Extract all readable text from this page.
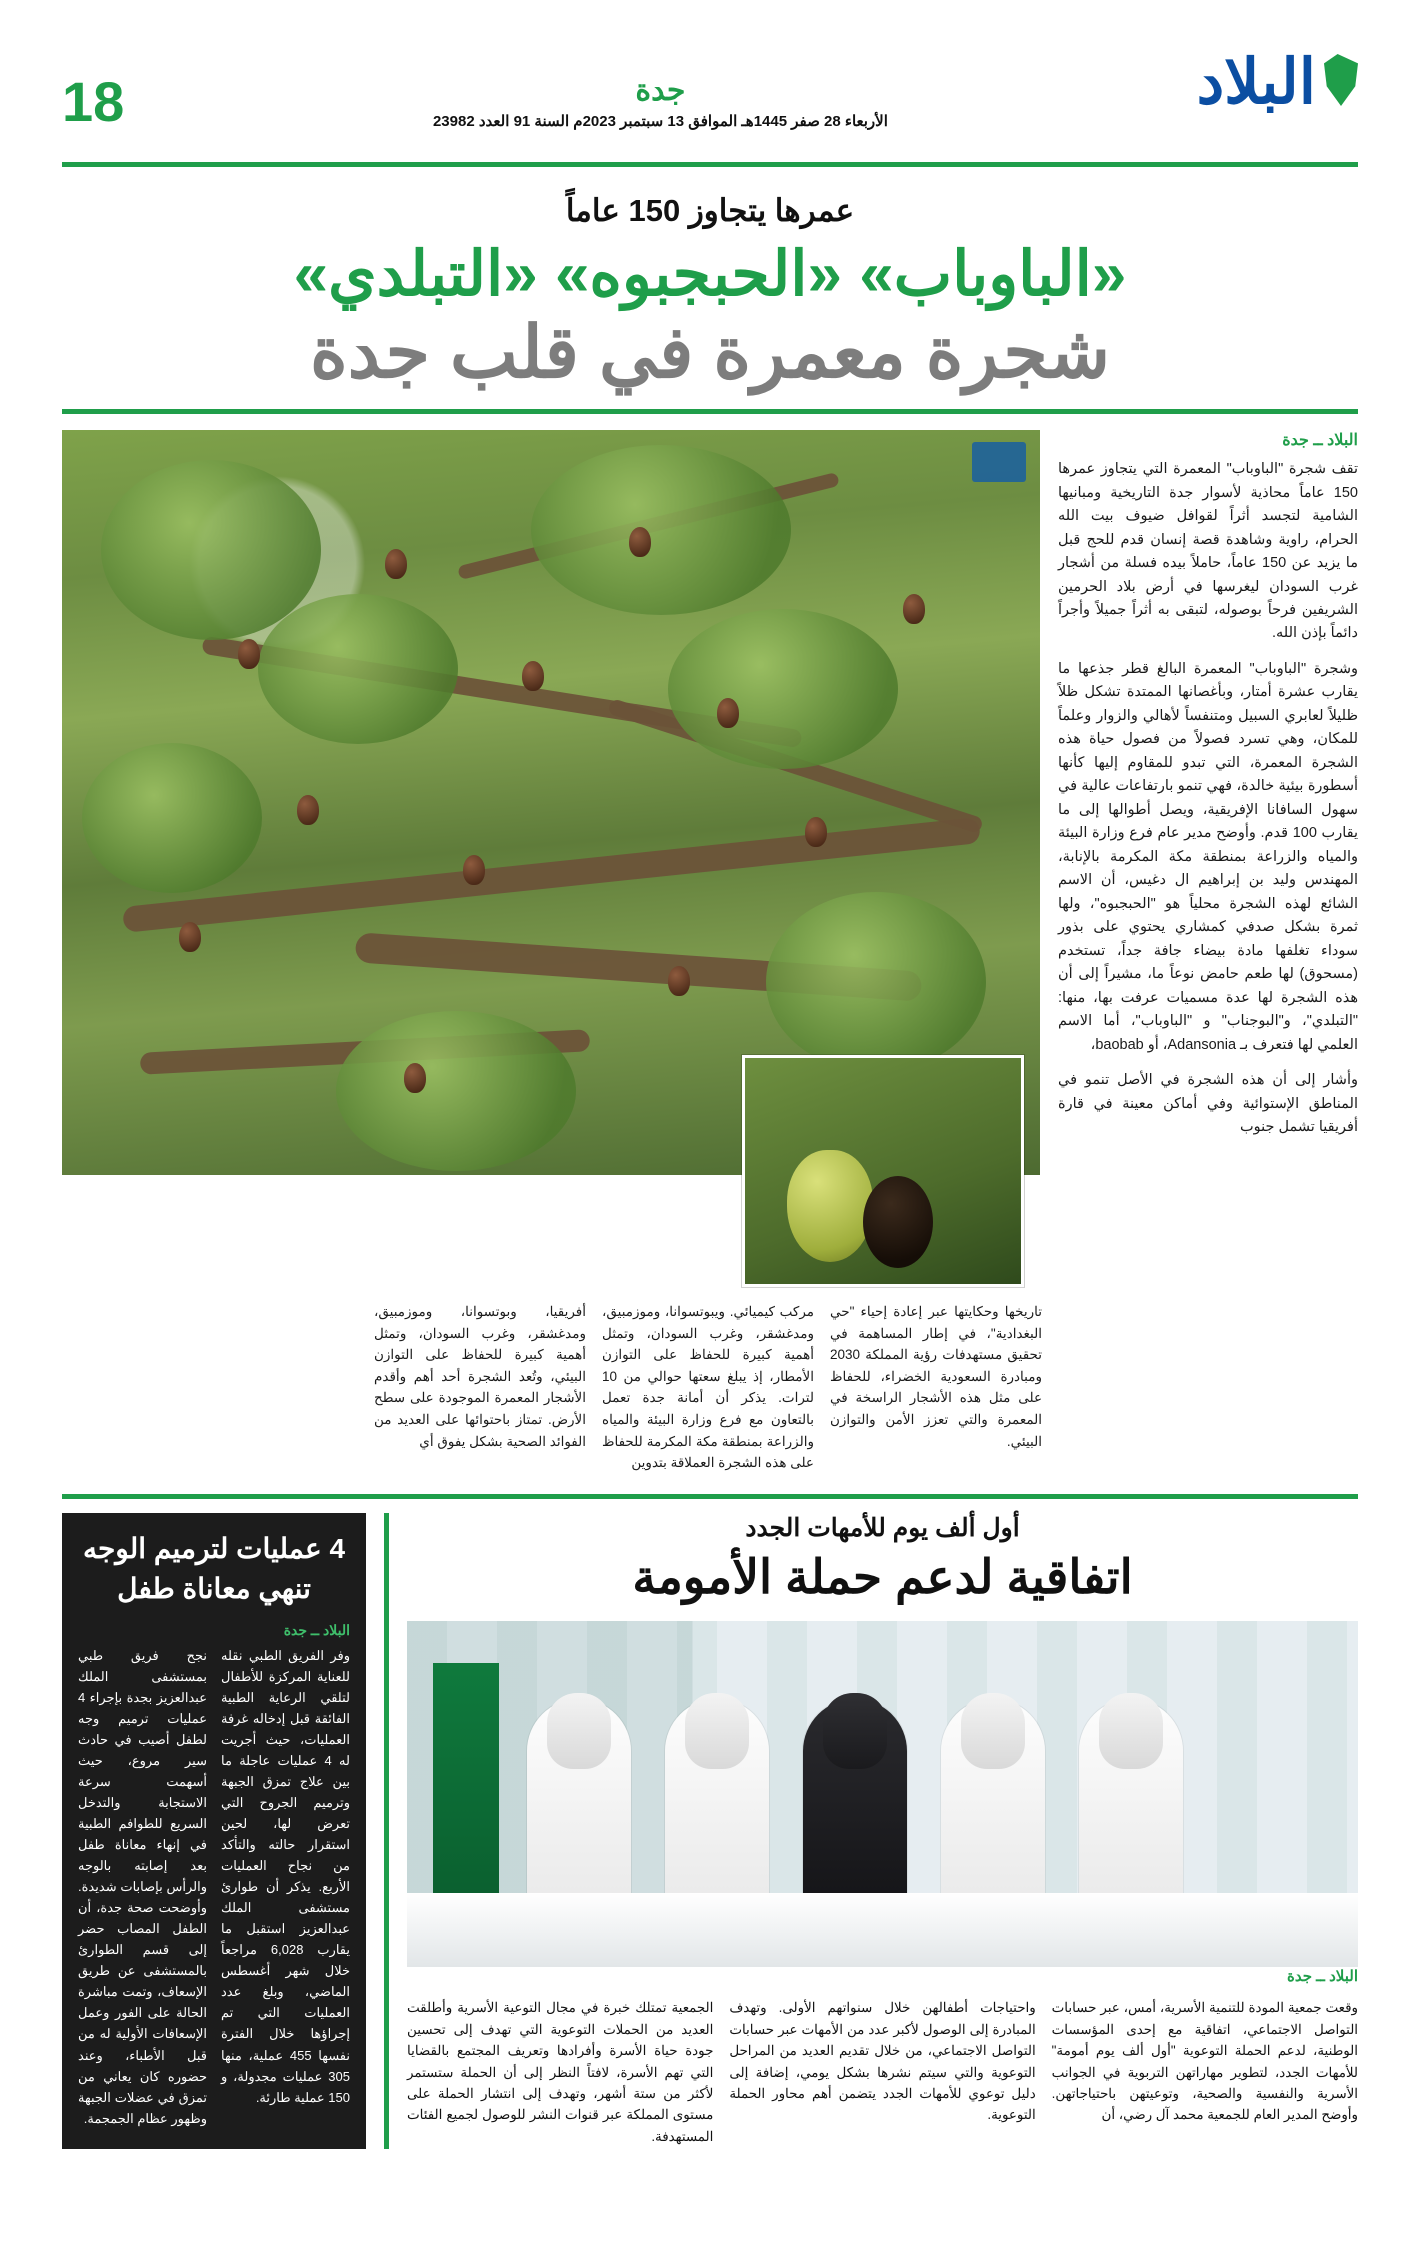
البلاد
جدة
الأربعاء 28 صفر 1445هـ الموافق 13 سبتمبر 2023م السنة 91 العدد 23982
18
عمرها يتجاوز 150 عاماً
«الباوباب» «الحبجبوه» «التبلدي»
شجرة معمرة في قلب جدة
البلاد ــ جدة

تقف شجرة "الباوباب" المعمرة التي يتجاوز عمرها 150 عاماً محاذية لأسوار جدة التاريخية ومبانيها الشامية لتجسد أثراً لقوافل ضيوف بيت الله الحرام، راوية وشاهدة قصة إنسان قدم للحج قبل ما يزيد عن 150 عاماً، حاملاً بيده فسلة من أشجار غرب السودان ليغرسها في أرض بلاد الحرمين الشريفين فرحاً بوصوله، لتبقى به أثراً جميلاً وأجراً دائماً بإذن الله.

وشجرة "الباوباب" المعمرة البالغ قطر جذعها ما يقارب عشرة أمتار، وبأغصانها الممتدة تشكل ظلاً ظليلاً لعابري السبيل ومتنفساً لأهالي والزوار وعلماً للمكان، وهي تسرد فصولاً من فصول حياة هذه الشجرة المعمرة، التي تبدو للمقاوم إليها كأنها أسطورة بيئية خالدة، فهي تنمو بارتفاعات عالية في سهول السافانا الإفريقية، ويصل أطوالها إلى ما يقارب 100 قدم. وأوضح مدير عام فرع وزارة البيئة والمياه والزراعة بمنطقة مكة المكرمة بالإنابة، المهندس وليد بن إبراهيم ال دغيس، أن الاسم الشائع لهذه الشجرة محلياً هو "الحبجبوه"، ولها ثمرة بشكل صدفي كمشاري يحتوي على بذور سوداء تغلفها مادة بيضاء جافة جداً، تستخدم (مسحوق) لها طعم حامض نوعاً ما، مشيراً إلى أن هذه الشجرة لها عدة مسميات عرفت بها، منها: "التبلدي"، و"البوجناب" و "الباوباب"، أما الاسم العلمي لها فتعرف بـ Adansonia، أو baobab،

وأشار إلى أن هذه الشجرة في الأصل تنمو في المناطق الإستوائية وفي أماكن معينة في قارة أفريقيا تشمل جنوب

تاريخها وحكايتها عبر إعادة إحياء "حي البغدادية"، في إطار المساهمة في تحقيق مستهدفات رؤية المملكة 2030 ومبادرة السعودية الخضراء، للحفاظ على مثل هذه الأشجار الراسخة في المعمرة والتي تعزز الأمن والتوازن البيئي.
مركب كيميائي. ويبوتسوانا، وموزمبيق، ومدغشقر، وغرب السودان، وتمثل أهمية كبيرة للحفاظ على التوازن الأمطار، إذ يبلغ سعتها حوالي من 10 لترات. يذكر أن أمانة جدة تعمل بالتعاون مع فرع وزارة البيئة والمياه والزراعة بمنطقة مكة المكرمة للحفاظ على هذه الشجرة العملاقة بتدوين
أفريقيا، وبوتسوانا، وموزمبيق، ومدغشقر، وغرب السودان، وتمثل أهمية كبيرة للحفاظ على التوازن البيئي، وتُعد الشجرة أحد أهم وأقدم الأشجار المعمرة الموجودة على سطح الأرض. تمتاز باحتوائها على العديد من الفوائد الصحية بشكل يفوق أي
أول ألف يوم للأمهات الجدد
اتفاقية لدعم حملة الأمومة
البلاد ــ جدة
وقعت جمعية المودة للتنمية الأسرية، أمس، عبر حسابات التواصل الاجتماعي، اتفاقية مع إحدى المؤسسات الوطنية، لدعم الحملة التوعوية "أول ألف يوم أمومة" للأمهات الجدد، لتطوير مهاراتهن التربوية في الجوانب الأسرية والنفسية والصحية، وتوعيتهن باحتياجاتهن. وأوضح المدير العام للجمعية محمد آل رضي، أن
واحتياجات أطفالهن خلال سنواتهم الأولى. وتهدف المبادرة إلى الوصول لأكبر عدد من الأمهات عبر حسابات التواصل الاجتماعي، من خلال تقديم العديد من المراحل التوعوية والتي سيتم نشرها بشكل يومي، إضافة إلى دليل توعوي للأمهات الجدد يتضمن أهم محاور الحملة التوعوية.
الجمعية تمتلك خبرة في مجال التوعية الأسرية وأطلقت العديد من الحملات التوعوية التي تهدف إلى تحسين جودة حياة الأسرة وأفرادها وتعريف المجتمع بالقضايا التي تهم الأسرة، لافتاً النظر إلى أن الحملة ستستمر لأكثر من ستة أشهر، وتهدف إلى انتشار الحملة على مستوى المملكة عبر قنوات النشر للوصول لجميع الفئات المستهدفة.
4 عمليات لترميم الوجه
تنهي معاناة طفل
البلاد ــ جدة
وفر الفريق الطبي نقله للعناية المركزة للأطفال لتلقي الرعاية الطبية الفائقة قبل إدخاله غرفة العمليات، حيث أجريت له 4 عمليات عاجلة ما بين علاج تمزق الجبهة وترميم الجروح التي تعرض لها، لحين استقرار حالته والتأكد من نجاح العمليات الأربع. يذكر أن طوارئ مستشفى الملك عبدالعزيز استقبل ما يقارب 6,028 مراجعاً خلال شهر أغسطس الماضي، وبلغ عدد العمليات التي تم إجراؤها خلال الفترة نفسها 455 عملية، منها 305 عمليات مجدولة، و 150 عملية طارئة.
نجح فريق طبي بمستشفى الملك عبدالعزيز بجدة بإجراء 4 عمليات ترميم وجه لطفل أصيب في حادث سير مروع، حيث أسهمت سرعة الاستجابة والتدخل السريع للطوافم الطبية في إنهاء معاناة طفل بعد إصابته بالوجه والرأس بإصابات شديدة. وأوضحت صحة جدة، أن الطفل المصاب حضر إلى قسم الطوارئ بالمستشفى عن طريق الإسعاف، وتمت مباشرة الحالة على الفور وعمل الإسعافات الأولية له من قبل الأطباء، وعند حضوره كان يعاني من تمزق في عضلات الجبهة وظهور عظام الجمجمة.
